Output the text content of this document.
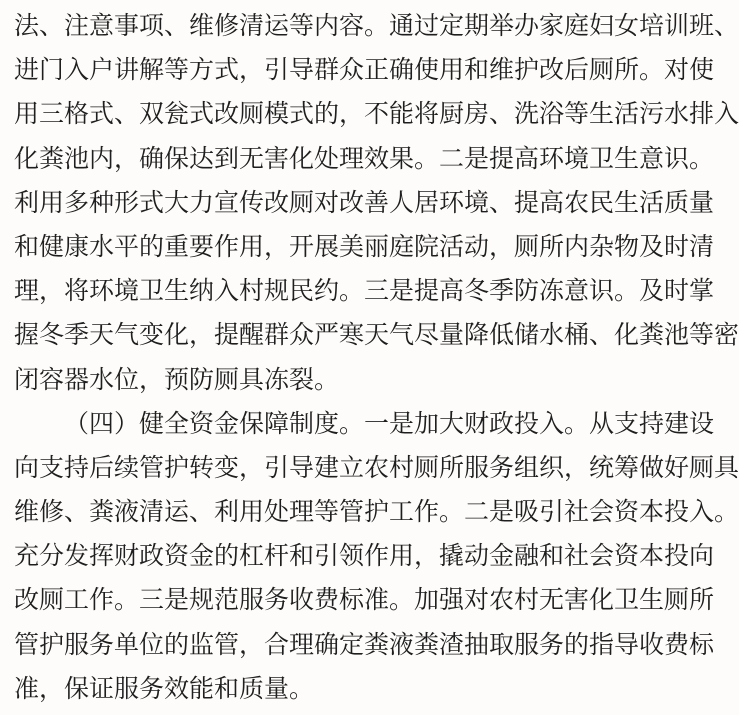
法、注意事项、维修清运等内容。通过定期举办家庭妇女培训班、
进门入户讲解等方式，引导群众正确使用和维护改后厕所。对使
用三格式、双瓮式改厕模式的，不能将厨房、洗浴等生活污水排入
化粪池内，确保达到无害化处理效果。二是提高环境卫生意识。
利用多种形式大力宣传改厕对改善人居环境、提高农民生活质量
和健康水平的重要作用，开展美丽庭院活动，厕所内杂物及时清
理，将环境卫生纳入村规民约。三是提高冬季防冻意识。及时掌
握冬季天气变化，提醒群众严寒天气尽量降低储水桶、化粪池等密
闭容器水位，预防厕具冻裂。
（四）健全资金保障制度。一是加大财政投入。从支持建设
向支持后续管护转变，引导建立农村厕所服务组织，统筹做好厕具
维修、粪液清运、利用处理等管护工作。二是吸引社会资本投入。
充分发挥财政资金的杠杆和引领作用，撬动金融和社会资本投向
改厕工作。三是规范服务收费标准。加强对农村无害化卫生厕所
管护服务单位的监管，合理确定粪液粪渣抽取服务的指导收费标
准，保证服务效能和质量。
